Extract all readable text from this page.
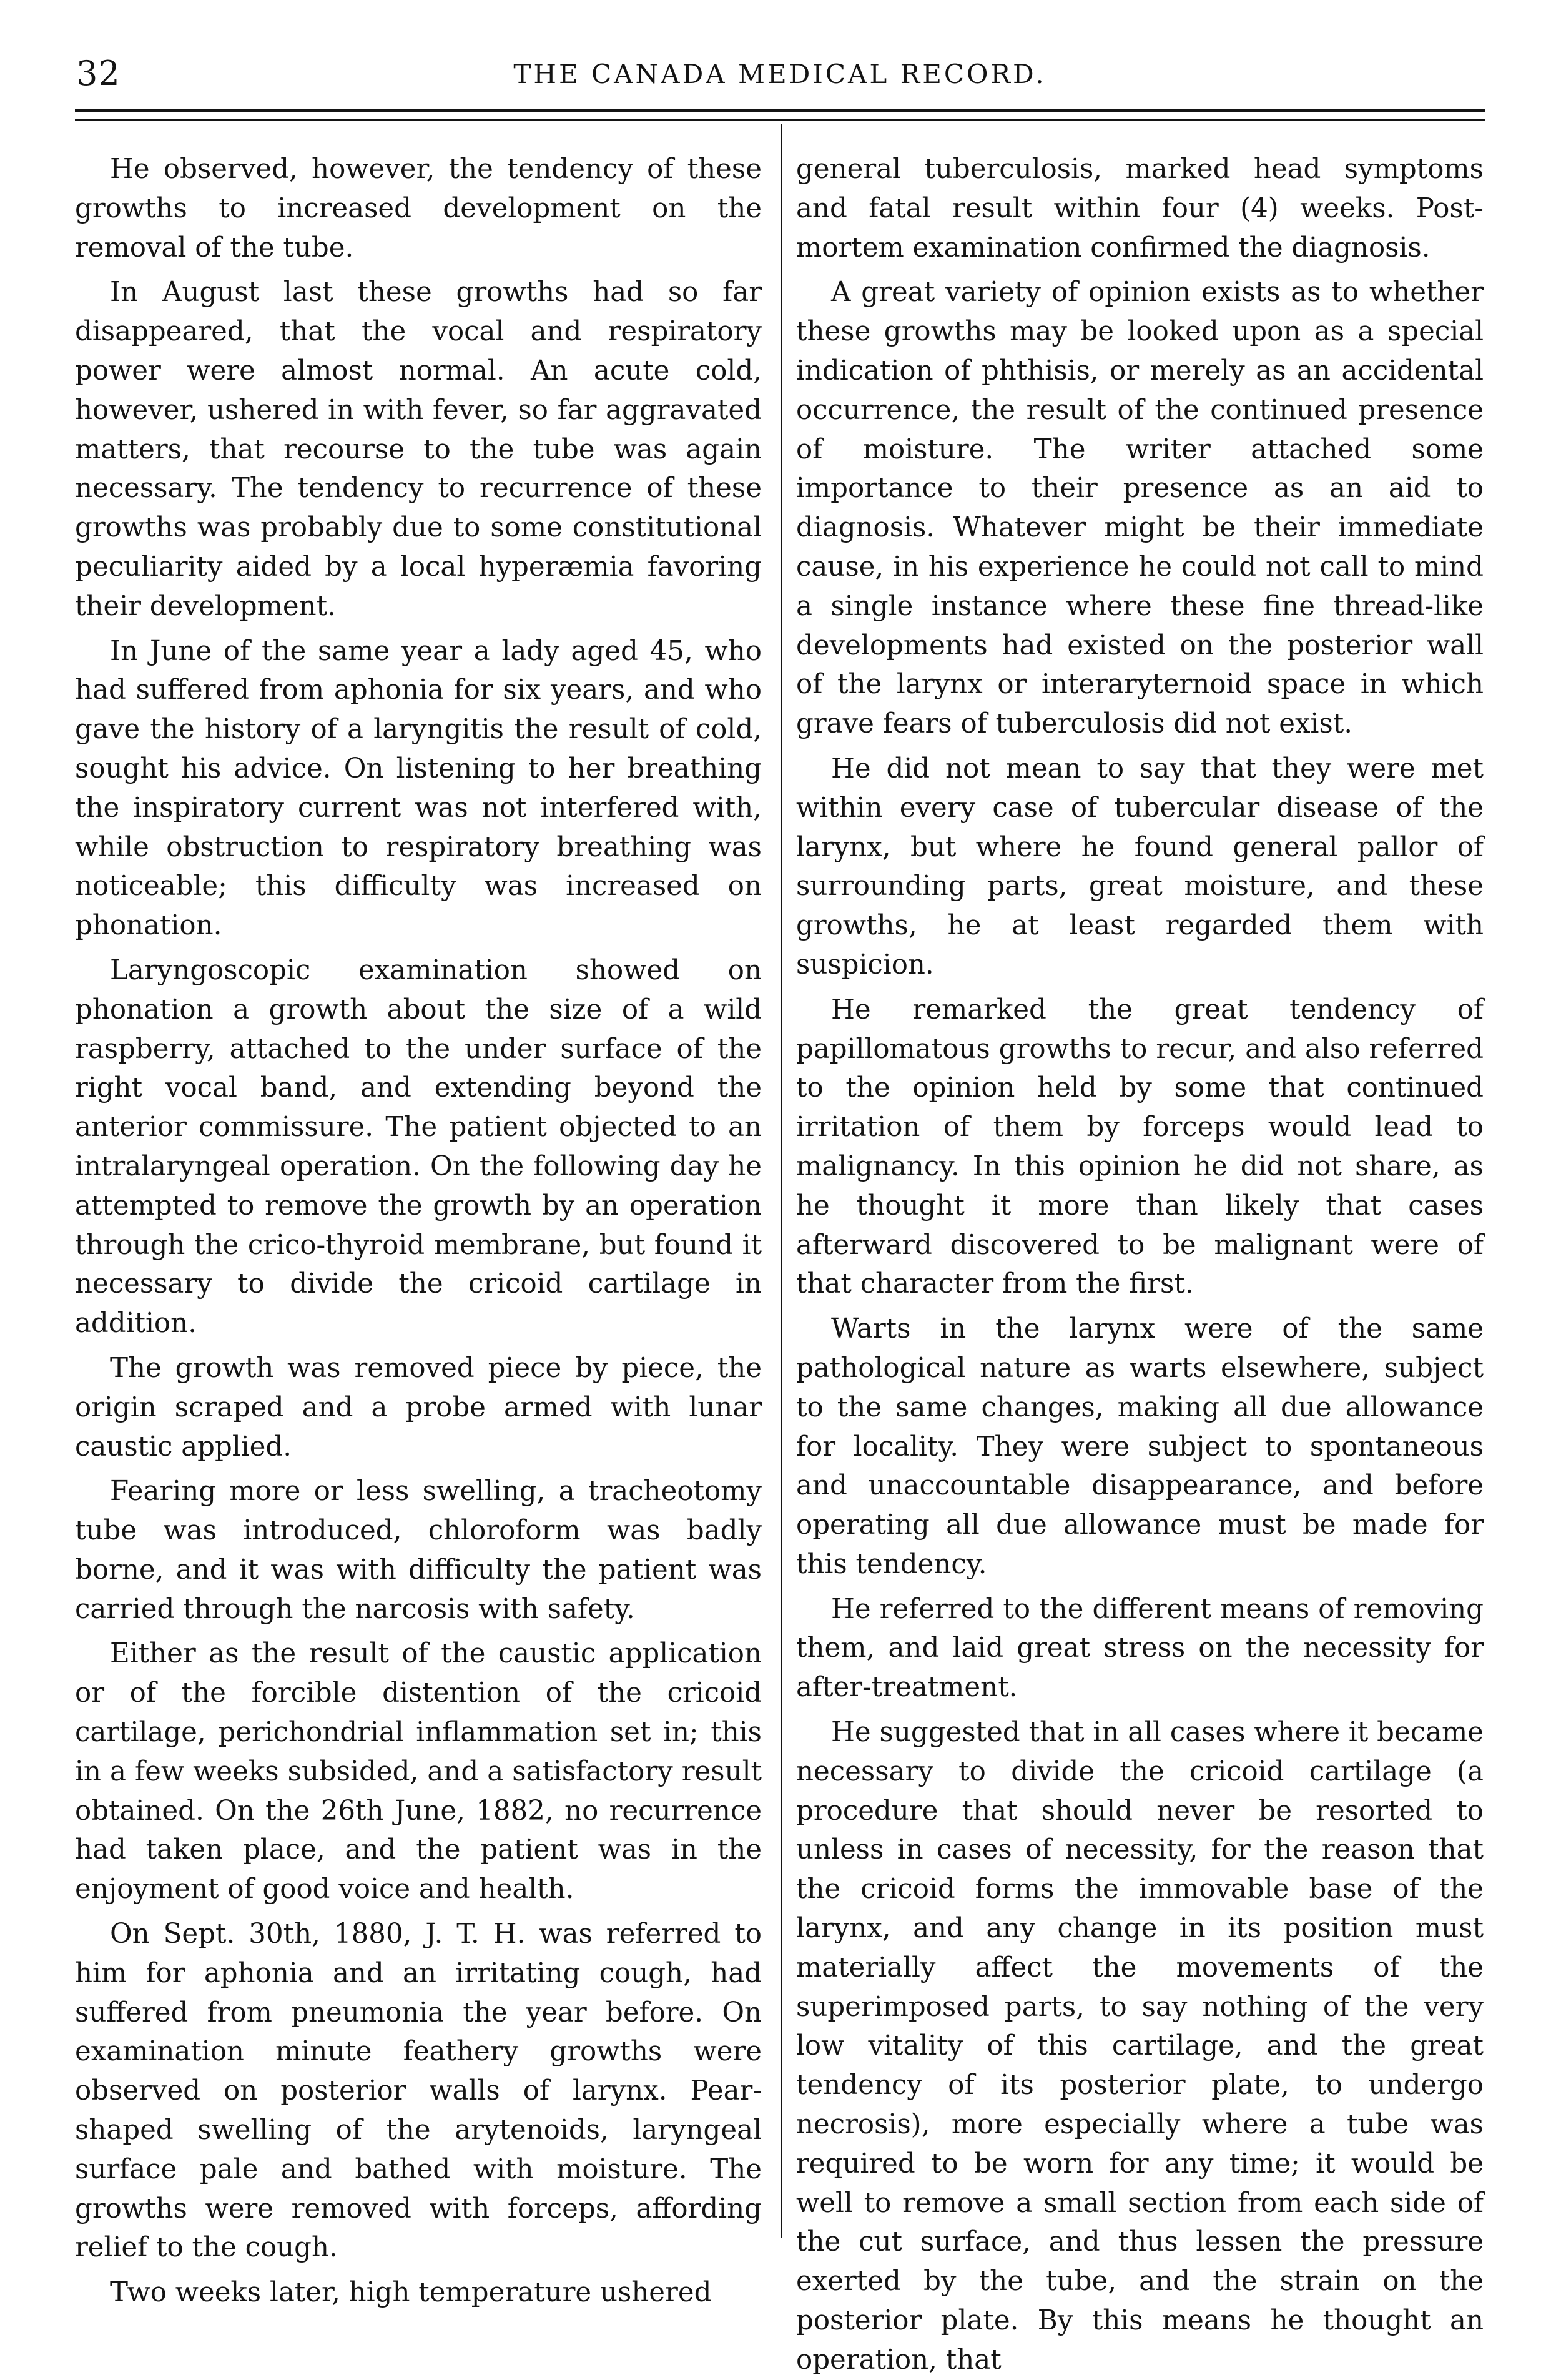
32	THE CANADA MEDICAL RECORD.

He observed, however, the tendency of these growths to increased development on the removal of the tube.

In August last these growths had so far disappeared, that the vocal and respiratory power were almost normal. An acute cold, however, ushered in with fever, so far aggravated matters, that recourse to the tube was again necessary. The tendency to recurrence of these growths was probably due to some constitutional peculiarity aided by a local hyperæmia favoring their development.

In June of the same year a lady aged 45, who had suffered from aphonia for six years, and who gave the history of a laryngitis the result of cold, sought his advice. On listening to her breathing the inspiratory current was not interfered with, while obstruction to respiratory breathing was noticeable; this difficulty was increased on phonation.

Laryngoscopic examination showed on phonation a growth about the size of a wild raspberry, attached to the under surface of the right vocal band, and extending beyond the anterior commissure. The patient objected to an intralaryngeal operation. On the following day he attempted to remove the growth by an operation through the crico-thyroid membrane, but found it necessary to divide the cricoid cartilage in addition.

The growth was removed piece by piece, the origin scraped and a probe armed with lunar caustic applied.

Fearing more or less swelling, a tracheotomy tube was introduced, chloroform was badly borne, and it was with difficulty the patient was carried through the narcosis with safety.

Either as the result of the caustic application or of the forcible distention of the cricoid cartilage, perichondrial inflammation set in; this in a few weeks subsided, and a satisfactory result obtained. On the 26th June, 1882, no recurrence had taken place, and the patient was in the enjoyment of good voice and health.

On Sept. 30th, 1880, J. T. H. was referred to him for aphonia and an irritating cough, had suffered from pneumonia the year before. On examination minute feathery growths were observed on posterior walls of larynx. Pear-shaped swelling of the arytenoids, laryngeal surface pale and bathed with moisture. The growths were removed with forceps, affording relief to the cough.

Two weeks later, high temperature ushered

general tuberculosis, marked head symptoms and fatal result within four (4) weeks. Post-mortem examination confirmed the diagnosis.

A great variety of opinion exists as to whether these growths may be looked upon as a special indication of phthisis, or merely as an accidental occurrence, the result of the continued presence of moisture. The writer attached some importance to their presence as an aid to diagnosis. Whatever might be their immediate cause, in his experience he could not call to mind a single instance where these fine thread-like developments had existed on the posterior wall of the larynx or interaryternoid space in which grave fears of tuberculosis did not exist.

He did not mean to say that they were met within every case of tubercular disease of the larynx, but where he found general pallor of surrounding parts, great moisture, and these growths, he at least regarded them with suspicion.

He remarked the great tendency of papillomatous growths to recur, and also referred to the opinion held by some that continued irritation of them by forceps would lead to malignancy. In this opinion he did not share, as he thought it more than likely that cases afterward discovered to be malignant were of that character from the first.

Warts in the larynx were of the same pathological nature as warts elsewhere, subject to the same changes, making all due allowance for locality. They were subject to spontaneous and unaccountable disappearance, and before operating all due allowance must be made for this tendency.

He referred to the different means of removing them, and laid great stress on the necessity for after-treatment.

He suggested that in all cases where it became necessary to divide the cricoid cartilage (a procedure that should never be resorted to unless in cases of necessity, for the reason that the cricoid forms the immovable base of the larynx, and any change in its position must materially affect the movements of the superimposed parts, to say nothing of the very low vitality of this cartilage, and the great tendency of its posterior plate, to undergo necrosis), more especially where a tube was required to be worn for any time; it would be well to remove a small section from each side of the cut surface, and thus lessen the pressure exerted by the tube, and the strain on the posterior plate. By this means he thought an operation, that
